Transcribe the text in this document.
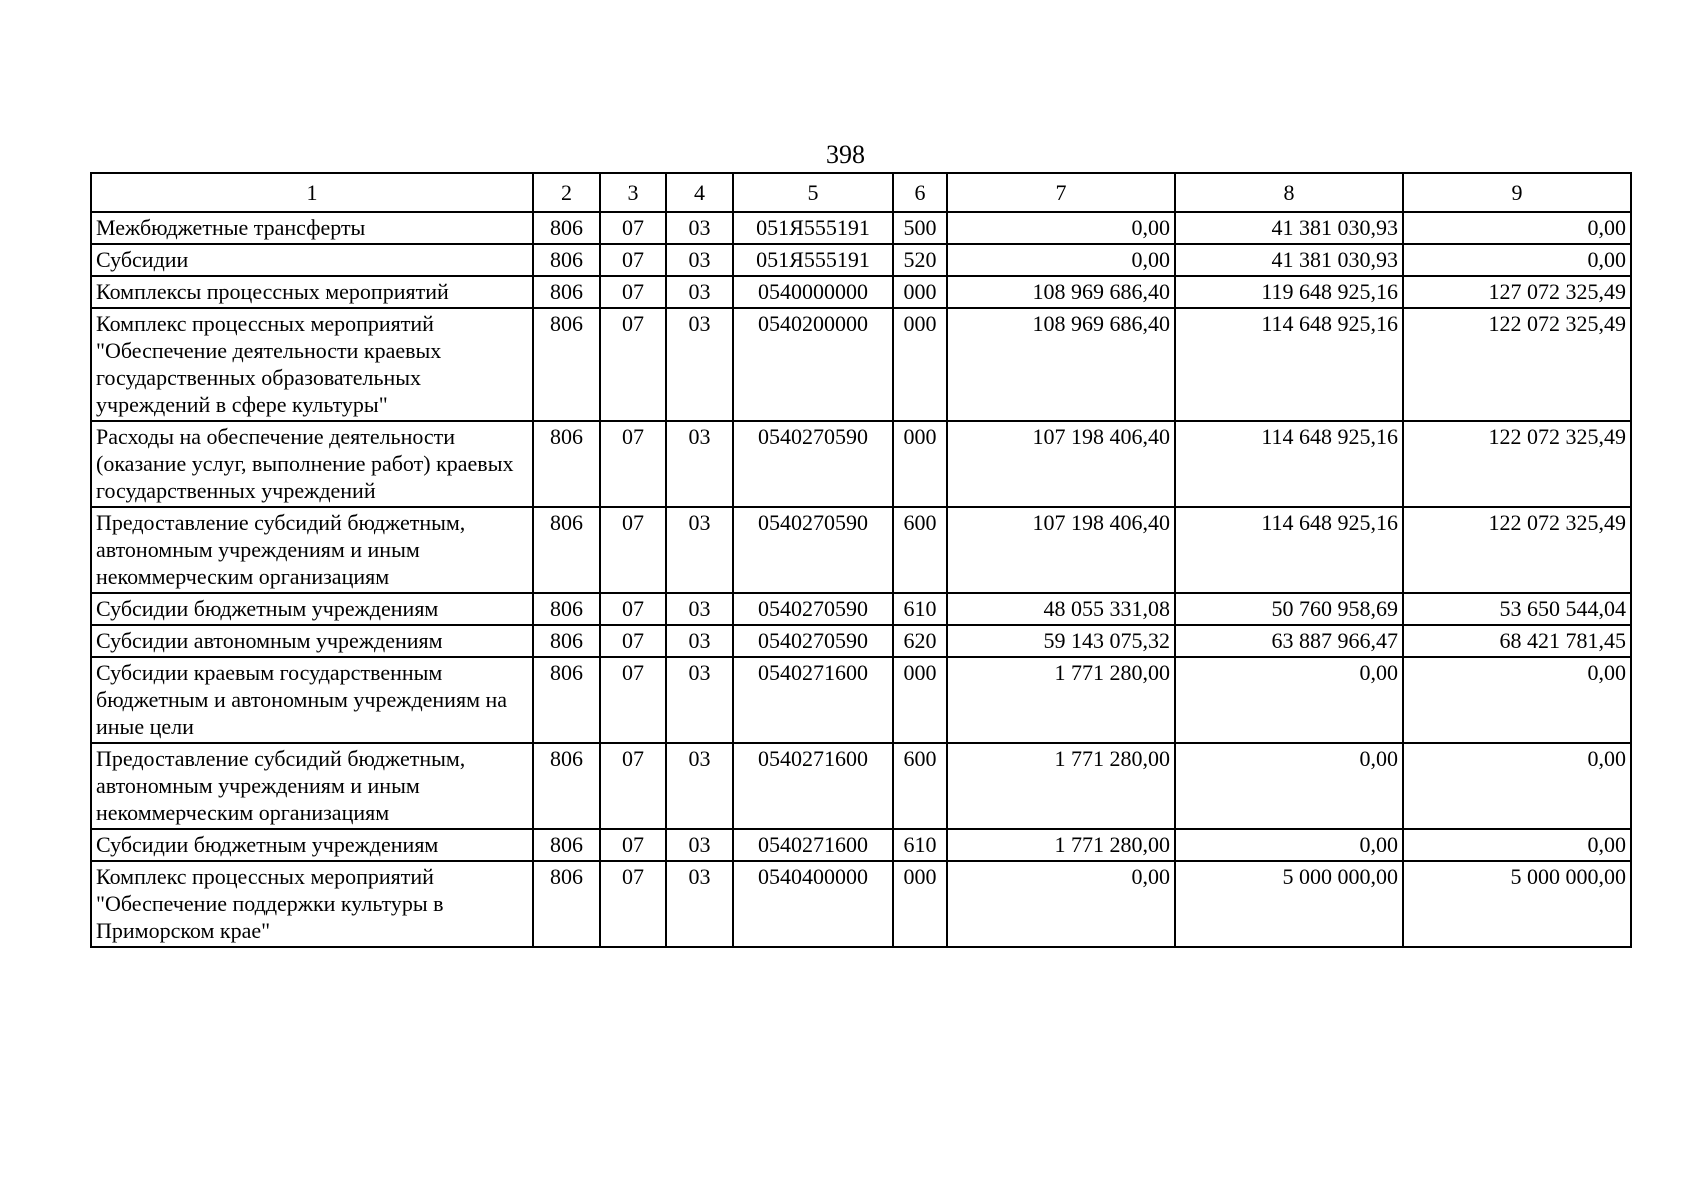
398
1	2	3	4	5	6	7	8	9
Межбюджетные трансферты	806	07	03	051Я555191	500	0,00	41 381 030,93	0,00
Субсидии	806	07	03	051Я555191	520	0,00	41 381 030,93	0,00
Комплексы процессных мероприятий	806	07	03	0540000000	000	108 969 686,40	119 648 925,16	127 072 325,49
Комплекс процессных мероприятий "Обеспечение деятельности краевых государственных образовательных учреждений в сфере культуры"	806	07	03	0540200000	000	108 969 686,40	114 648 925,16	122 072 325,49
Расходы на обеспечение деятельности (оказание услуг, выполнение работ) краевых государственных учреждений	806	07	03	0540270590	000	107 198 406,40	114 648 925,16	122 072 325,49
Предоставление субсидий бюджетным, автономным учреждениям и иным некоммерческим организациям	806	07	03	0540270590	600	107 198 406,40	114 648 925,16	122 072 325,49
Субсидии бюджетным учреждениям	806	07	03	0540270590	610	48 055 331,08	50 760 958,69	53 650 544,04
Субсидии автономным учреждениям	806	07	03	0540270590	620	59 143 075,32	63 887 966,47	68 421 781,45
Субсидии краевым государственным бюджетным и автономным учреждениям на иные цели	806	07	03	0540271600	000	1 771 280,00	0,00	0,00
Предоставление субсидий бюджетным, автономным учреждениям и иным некоммерческим организациям	806	07	03	0540271600	600	1 771 280,00	0,00	0,00
Субсидии бюджетным учреждениям	806	07	03	0540271600	610	1 771 280,00	0,00	0,00
Комплекс процессных мероприятий "Обеспечение поддержки культуры в Приморском крае"	806	07	03	0540400000	000	0,00	5 000 000,00	5 000 000,00
